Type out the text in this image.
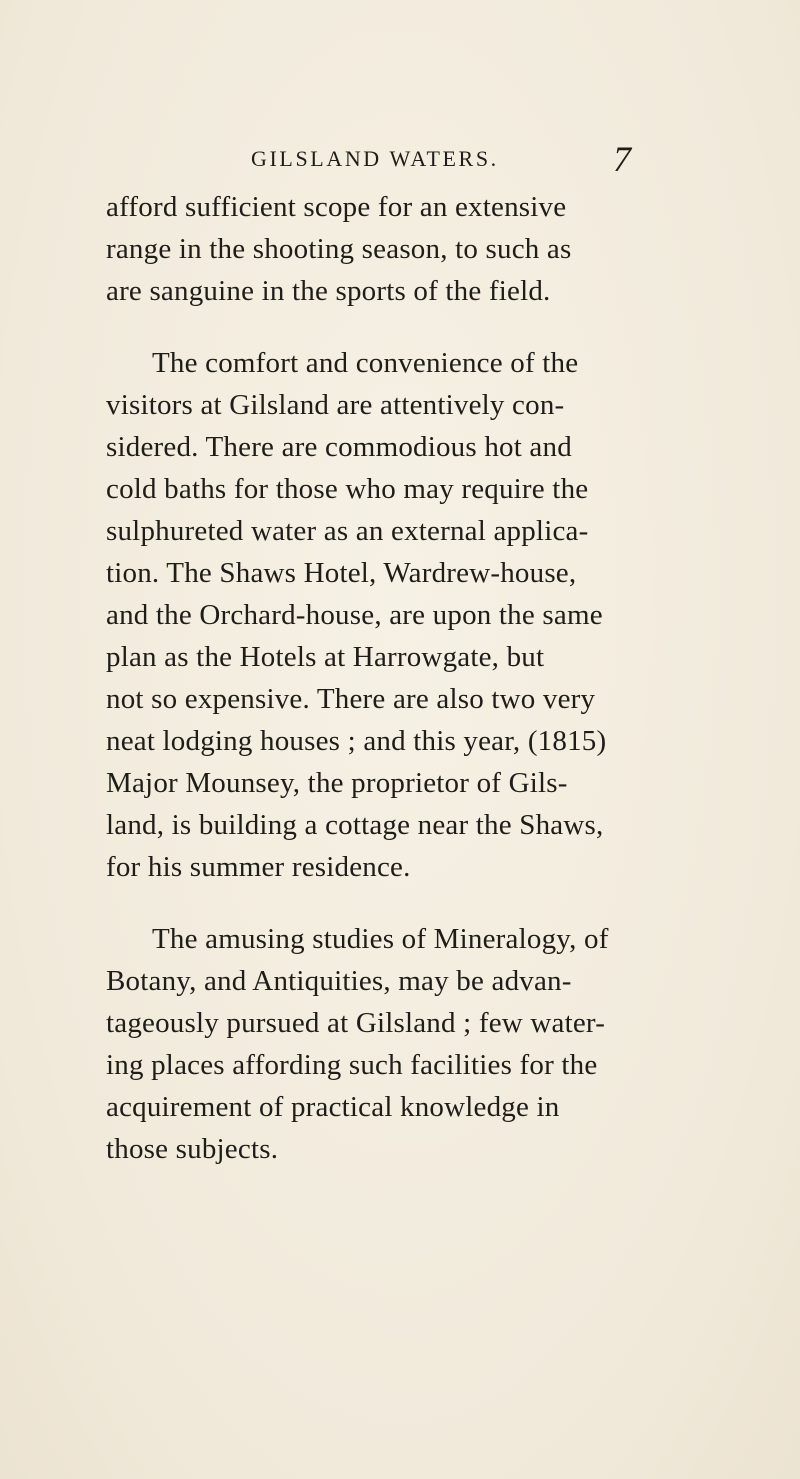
GILSLAND WATERS.	7
afford sufficient scope for an extensive
range in the shooting season, to such as
are sanguine in the sports of the field.
The comfort and convenience of the
visitors at Gilsland are attentively con-
sidered. There are commodious hot and
cold baths for those who may require the
sulphureted water as an external applica-
tion. The Shaws Hotel, Wardrew-house,
and the Orchard-house, are upon the same
plan as the Hotels at Harrowgate, but
not so expensive. There are also two very
neat lodging houses ; and this year, (1815)
Major Mounsey, the proprietor of Gils-
land, is building a cottage near the Shaws,
for his summer residence.
The amusing studies of Mineralogy, of
Botany, and Antiquities, may be advan-
tageously pursued at Gilsland ; few water-
ing places affording such facilities for the
acquirement of practical knowledge in
those subjects.
